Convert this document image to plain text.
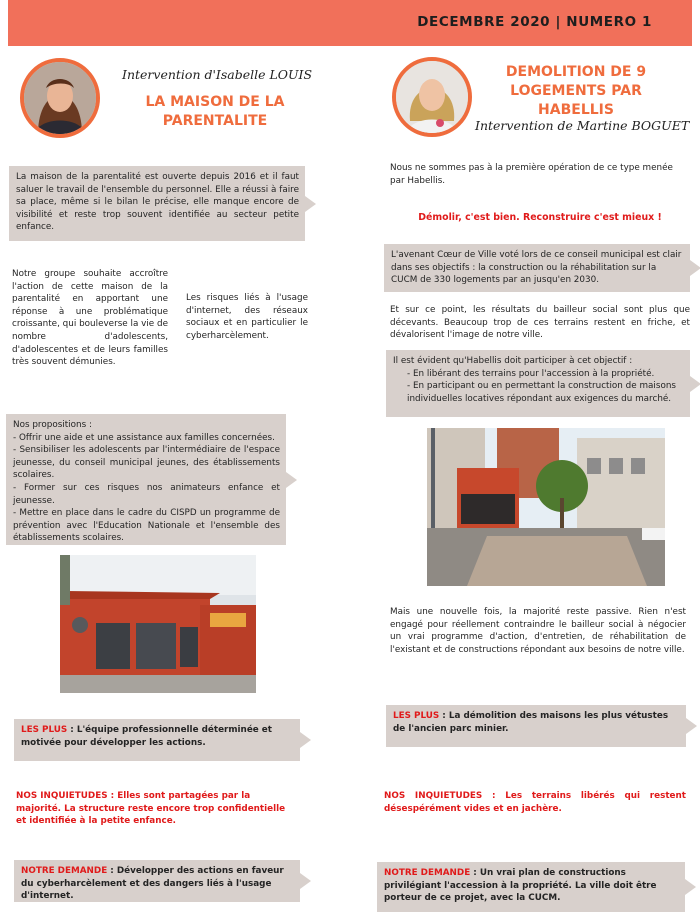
DECEMBRE 2020 | NUMERO 1
Intervention d'Isabelle LOUIS
LA MAISON DE LA
PARENTALITE
La maison de la parentalité est ouverte depuis 2016 et il faut saluer le travail de l'ensemble du personnel. Elle a réussi à faire sa place, même si le bilan le précise, elle manque encore de visibilité et reste trop souvent identifiée au secteur petite enfance.
Notre groupe souhaite accroître l'action de cette maison de la parentalité en apportant une réponse à une problématique croissante, qui bouleverse la vie de nombre d'adolescents, d'adolescentes et de leurs familles très souvent démunies.
Les risques liés à l'usage d'internet, des réseaux sociaux et en particulier le cyberharcèlement.
Nos propositions :
- Offrir une aide et une assistance aux familles concernées.
- Sensibiliser les adolescents par l'intermédiaire de l'espace jeunesse, du conseil municipal jeunes, des établissements scolaires.
- Former sur ces risques nos animateurs enfance et jeunesse.
- Mettre en place dans le cadre du CISPD un programme de prévention avec l'Education Nationale et l'ensemble des établissements scolaires.
LES PLUS : L'équipe professionnelle déterminée et motivée pour développer les actions.
NOS INQUIETUDES : Elles sont partagées par la majorité. La structure reste encore trop confidentielle et identifiée à la petite enfance.
NOTRE DEMANDE : Développer des actions en faveur du cyberharcèlement et des dangers liés à l'usage d'internet.
DEMOLITION DE 9
LOGEMENTS PAR HABELLIS
Intervention de Martine BOGUET
Nous ne sommes pas à la première opération de ce type menée par Habellis.
Démolir, c'est bien. Reconstruire c'est mieux !
L'avenant Cœur de Ville voté lors de ce conseil municipal est clair dans ses objectifs : la construction ou la réhabilitation sur la CUCM de 330 logements par an jusqu'en 2030.
Et sur ce point, les résultats du bailleur social sont plus que décevants. Beaucoup trop de ces terrains restent en friche, et dévalorisent l'image de notre ville.
Il est évident qu'Habellis doit participer à cet objectif :
- En libérant des terrains pour l'accession à la propriété.
- En participant ou en permettant la construction de maisons individuelles locatives répondant aux exigences du marché.
Mais une nouvelle fois, la majorité reste passive. Rien n'est engagé pour réellement contraindre le bailleur social à négocier un vrai programme d'action, d'entretien, de réhabilitation de l'existant et de constructions répondant aux besoins de notre ville.
LES PLUS : La démolition des maisons les plus vétustes de l'ancien parc minier.
NOS INQUIETUDES : Les terrains libérés qui restent désespérément vides et en jachère.
NOTRE DEMANDE : Un vrai plan de constructions privilégiant l'accession à la propriété. La ville doit être porteur de ce projet, avec la CUCM.
